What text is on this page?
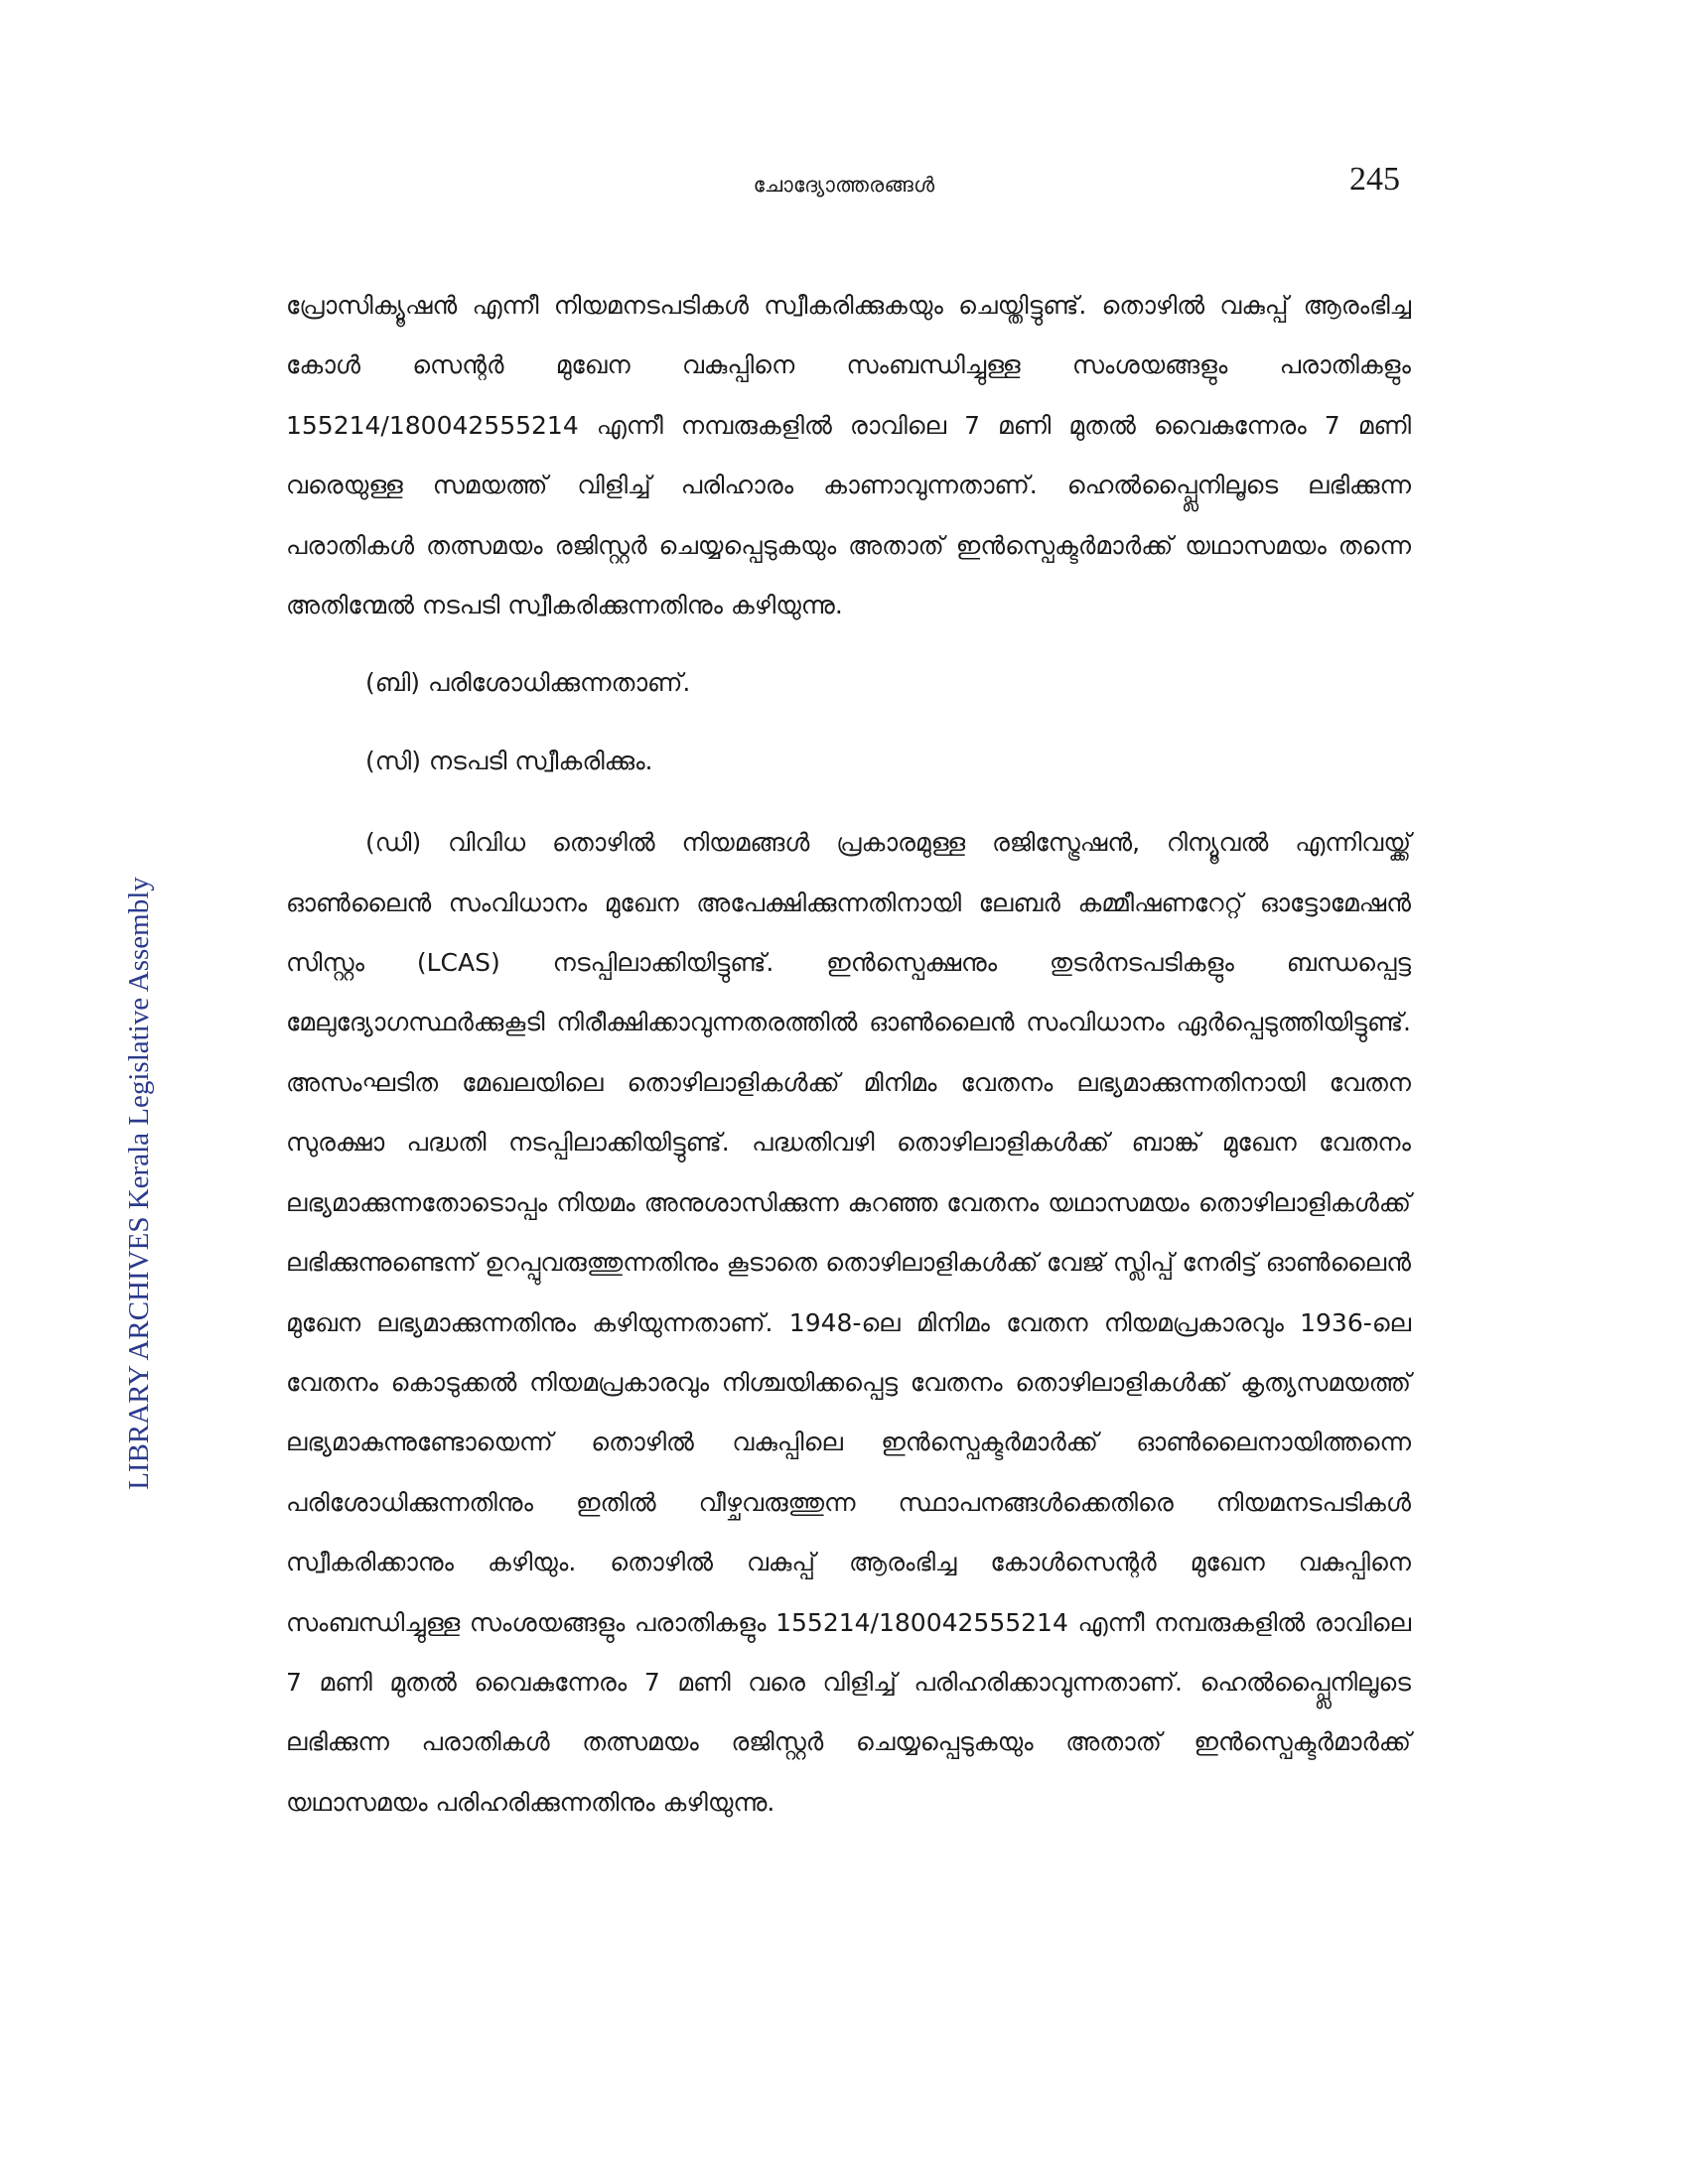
ചോദ്യോത്തരങ്ങൾ	245
LIBRARY ARCHIVES Kerala Legislative Assembly

പ്രോസിക്യൂഷൻ എന്നീ നിയമനടപടികൾ സ്വീകരിക്കുകയും ചെയ്തിട്ടുണ്ട്. തൊഴിൽ വകുപ്പ് ആരംഭിച്ച കോൾ സെന്റർ മുഖേന വകുപ്പിനെ സംബന്ധിച്ചുള്ള സംശയങ്ങളും പരാതികളും 155214/180042555214 എന്നീ നമ്പരുകളിൽ രാവിലെ 7 മണി മുതൽ വൈകുന്നേരം 7 മണി വരെയുള്ള സമയത്ത് വിളിച്ച് പരിഹാരം കാണാവുന്നതാണ്. ഹെൽപ്പ്ലൈനിലൂടെ ലഭിക്കുന്ന പരാതികൾ തത്സമയം രജിസ്റ്റർ ചെയ്യപ്പെടുകയും അതാത് ഇൻസ്പെക്ടർമാർക്ക് യഥാസമയം തന്നെ അതിന്മേൽ നടപടി സ്വീകരിക്കുന്നതിനും കഴിയുന്നു.

(ബി) പരിശോധിക്കുന്നതാണ്.

(സി) നടപടി സ്വീകരിക്കും.

(ഡി) വിവിധ തൊഴിൽ നിയമങ്ങൾ പ്രകാരമുള്ള രജിസ്ട്രേഷൻ, റിന്യൂവൽ എന്നിവയ്ക്ക് ഓൺലൈൻ സംവിധാനം മുഖേന അപേക്ഷിക്കുന്നതിനായി ലേബർ കമ്മീഷണറേറ്റ് ഓട്ടോമേഷൻ സിസ്റ്റം (LCAS) നടപ്പിലാക്കിയിട്ടുണ്ട്. ഇൻസ്പെക്ഷനും തുടർനടപടികളും ബന്ധപ്പെട്ട മേലുദ്യോഗസ്ഥർക്കുകൂടി നിരീക്ഷിക്കാവുന്നതരത്തിൽ ഓൺലൈൻ സംവിധാനം ഏർപ്പെടുത്തിയിട്ടുണ്ട്. അസംഘടിത മേഖലയിലെ തൊഴിലാളികൾക്ക് മിനിമം വേതനം ലഭ്യമാക്കുന്നതിനായി വേതന സുരക്ഷാ പദ്ധതി നടപ്പിലാക്കിയിട്ടുണ്ട്. പദ്ധതിവഴി തൊഴിലാളികൾക്ക് ബാങ്ക് മുഖേന വേതനം ലഭ്യമാക്കുന്നതോടൊപ്പം നിയമം അനുശാസിക്കുന്ന കുറഞ്ഞ വേതനം യഥാസമയം തൊഴിലാളികൾക്ക് ലഭിക്കുന്നുണ്ടെന്ന് ഉറപ്പുവരുത്തുന്നതിനും കൂടാതെ തൊഴിലാളികൾക്ക് വേജ് സ്ലിപ്പ് നേരിട്ട് ഓൺലൈൻ മുഖേന ലഭ്യമാക്കുന്നതിനും കഴിയുന്നതാണ്. 1948-ലെ മിനിമം വേതന നിയമപ്രകാരവും 1936-ലെ വേതനം കൊടുക്കൽ നിയമപ്രകാരവും നിശ്ചയിക്കപ്പെട്ട വേതനം തൊഴിലാളികൾക്ക് കൃത്യസമയത്ത് ലഭ്യമാകുന്നുണ്ടോയെന്ന് തൊഴിൽ വകുപ്പിലെ ഇൻസ്പെക്ടർമാർക്ക് ഓൺലൈനായിത്തന്നെ പരിശോധിക്കുന്നതിനും ഇതിൽ വീഴ്ചവരുത്തുന്ന സ്ഥാപനങ്ങൾക്കെതിരെ നിയമനടപടികൾ സ്വീകരിക്കാനും കഴിയും. തൊഴിൽ വകുപ്പ് ആരംഭിച്ച കോൾസെന്റർ മുഖേന വകുപ്പിനെ സംബന്ധിച്ചുള്ള സംശയങ്ങളും പരാതികളും 155214/180042555214 എന്നീ നമ്പരുകളിൽ രാവിലെ 7 മണി മുതൽ വൈകുന്നേരം 7 മണി വരെ വിളിച്ച് പരിഹരിക്കാവുന്നതാണ്. ഹെൽപ്പ്ലൈനിലൂടെ ലഭിക്കുന്ന പരാതികൾ തത്സമയം രജിസ്റ്റർ ചെയ്യപ്പെടുകയും അതാത് ഇൻസ്പെക്ടർമാർക്ക് യഥാസമയം പരിഹരിക്കുന്നതിനും കഴിയുന്നു.
